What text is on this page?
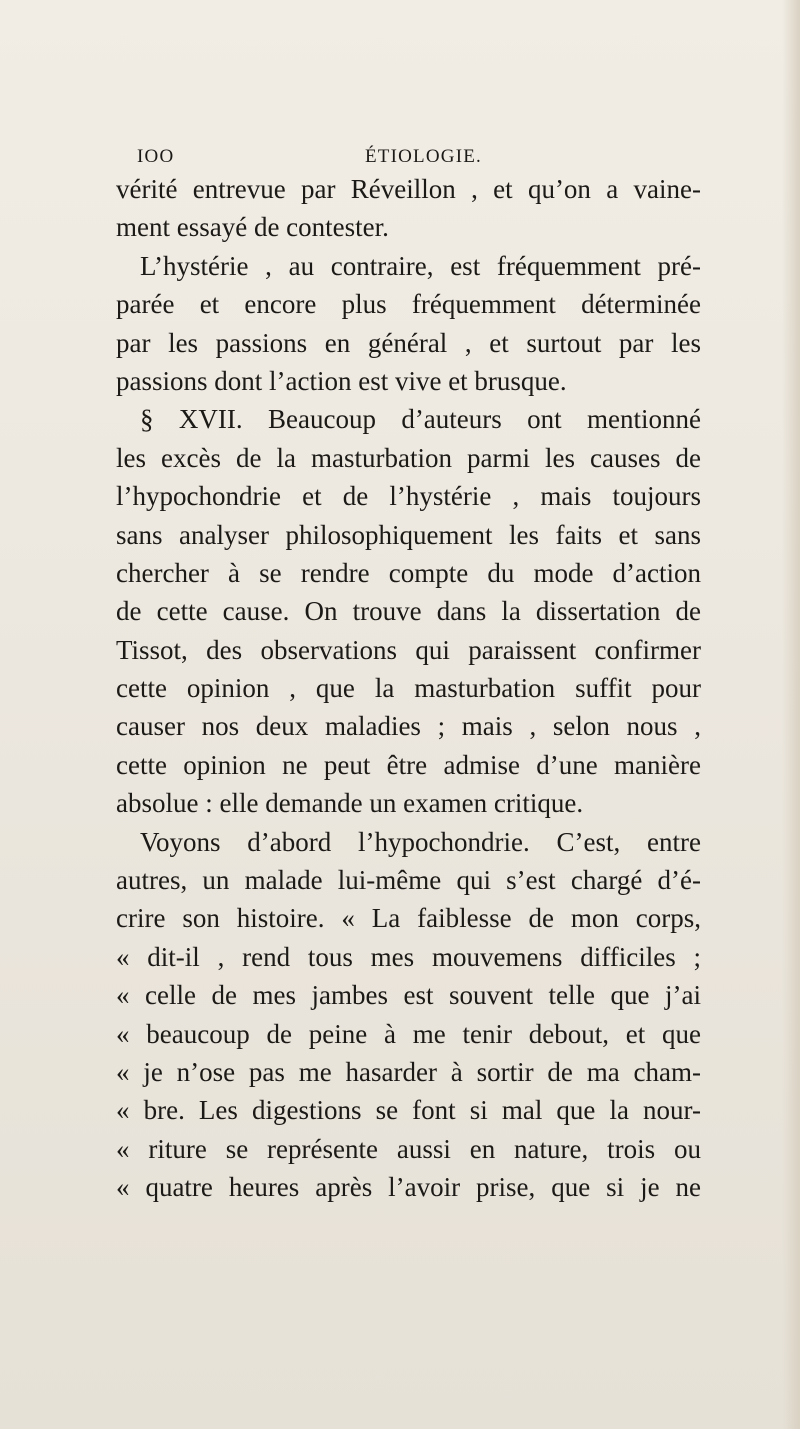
IOO	ÉTIOLOGIE.
vérité entrevue par Réveillon , et qu’on a vaine-
ment essayé de contester.
L’hystérie , au contraire, est fréquemment pré-
parée et encore plus fréquemment déterminée
par les passions en général , et surtout par les
passions dont l’action est vive et brusque.
§ XVII. Beaucoup d’auteurs ont mentionné
les excès de la masturbation parmi les causes de
l’hypochondrie et de l’hystérie , mais toujours
sans analyser philosophiquement les faits et sans
chercher à se rendre compte du mode d’action
de cette cause. On trouve dans la dissertation de
Tissot, des observations qui paraissent confirmer
cette opinion , que la masturbation suffit pour
causer nos deux maladies ; mais , selon nous ,
cette opinion ne peut être admise d’une manière
absolue : elle demande un examen critique.
Voyons d’abord l’hypochondrie. C’est, entre
autres, un malade lui-même qui s’est chargé d’é-
crire son histoire. « La faiblesse de mon corps,
« dit-il , rend tous mes mouvemens difficiles ;
« celle de mes jambes est souvent telle que j’ai
« beaucoup de peine à me tenir debout, et que
« je n’ose pas me hasarder à sortir de ma cham-
« bre. Les digestions se font si mal que la nour-
« riture se représente aussi en nature, trois ou
« quatre heures après l’avoir prise, que si je ne
